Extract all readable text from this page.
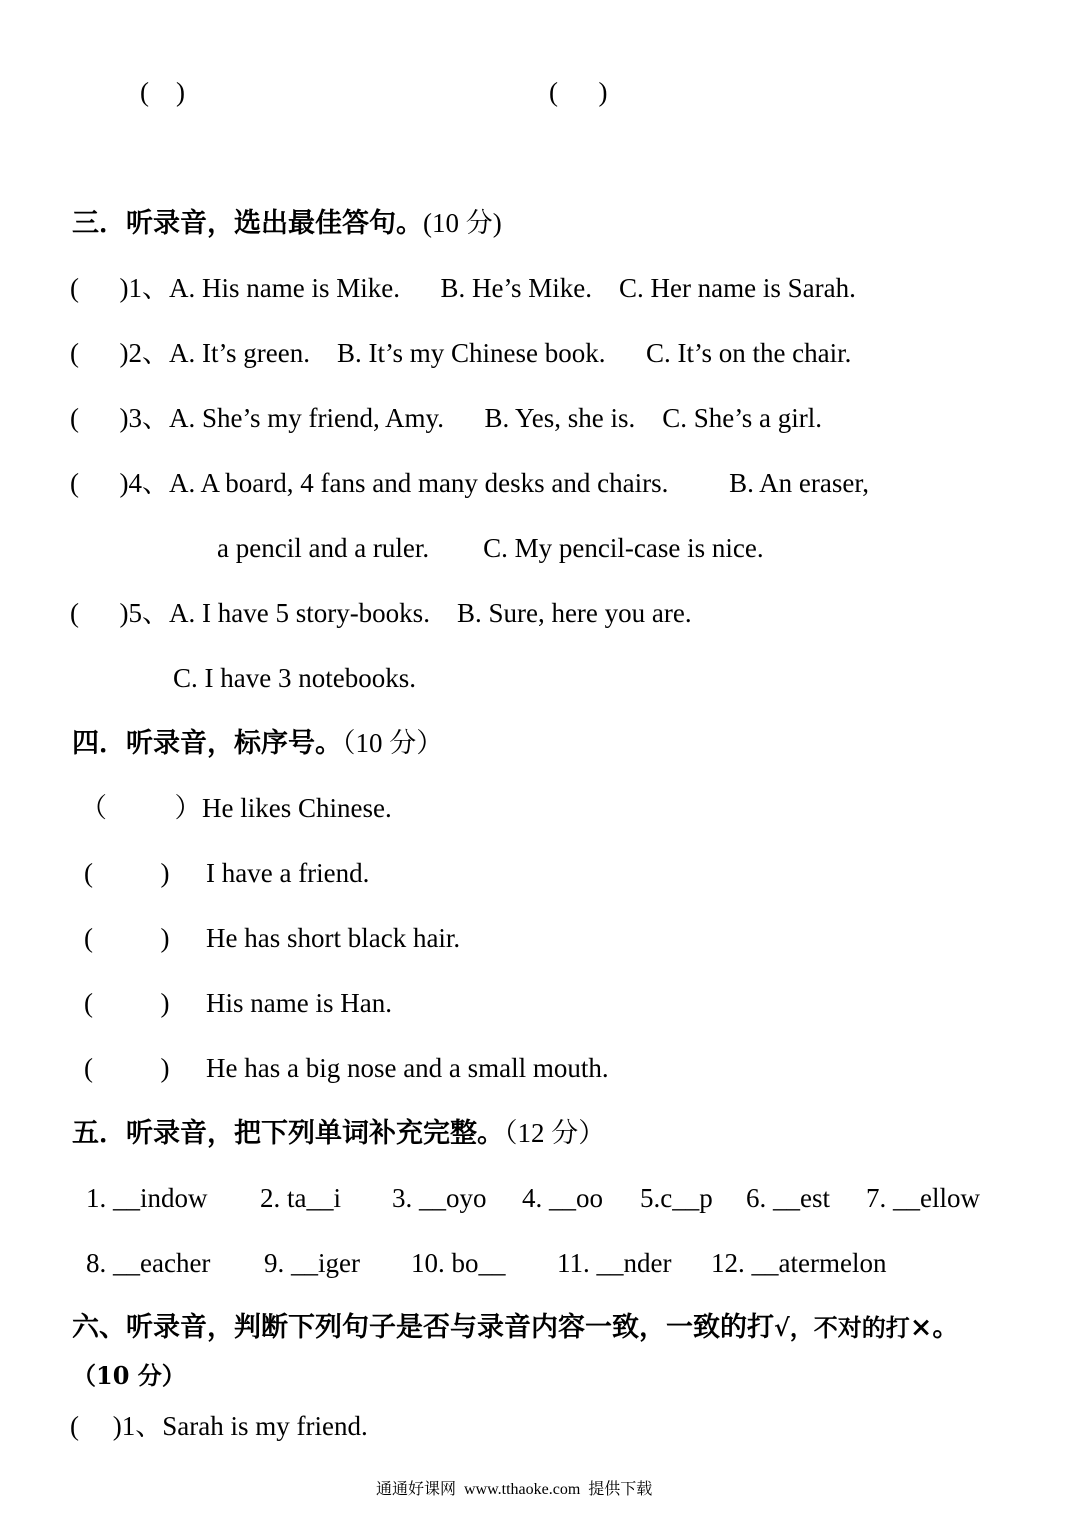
(    )	(      )
三．听录音，选出最佳答句。(10 分)
(      )1、A. His name is Mike.      B. He’s Mike.    C. Her name is Sarah.
(      )2、A. It’s green.    B. It’s my Chinese book.      C. It’s on the chair.
(      )3、A. She’s my friend, Amy.      B. Yes, she is.    C. She’s a girl.
(      )4、A. A board, 4 fans and many desks and chairs.         B. An eraser,
a pencil and a ruler.        C. My pencil-case is nice.
(      )5、A. I have 5 story-books.    B. Sure, here you are.
C. I have 3 notebooks.
四．听录音，标序号。（10 分）
（          ） He likes Chinese.
(          ) I have a friend.
(          ) He has short black hair.
(          ) His name is Han.
(          ) He has a big nose and a small mouth.
五．听录音，把下列单词补充完整。（12 分）
1. __indow 2. ta__i 3. __oyo 4. __oo 5.c__p 6. __est 7. __ellow
8. __eacher 9. __iger 10. bo__ 11. __nder 12. __atermelon
六、听录音，判断下列句子是否与录音内容一致，一致的打√，不对的打×。
（10 分）
(     )1、Sarah is my friend.
通通好课网  www.tthaoke.com  提供下载
